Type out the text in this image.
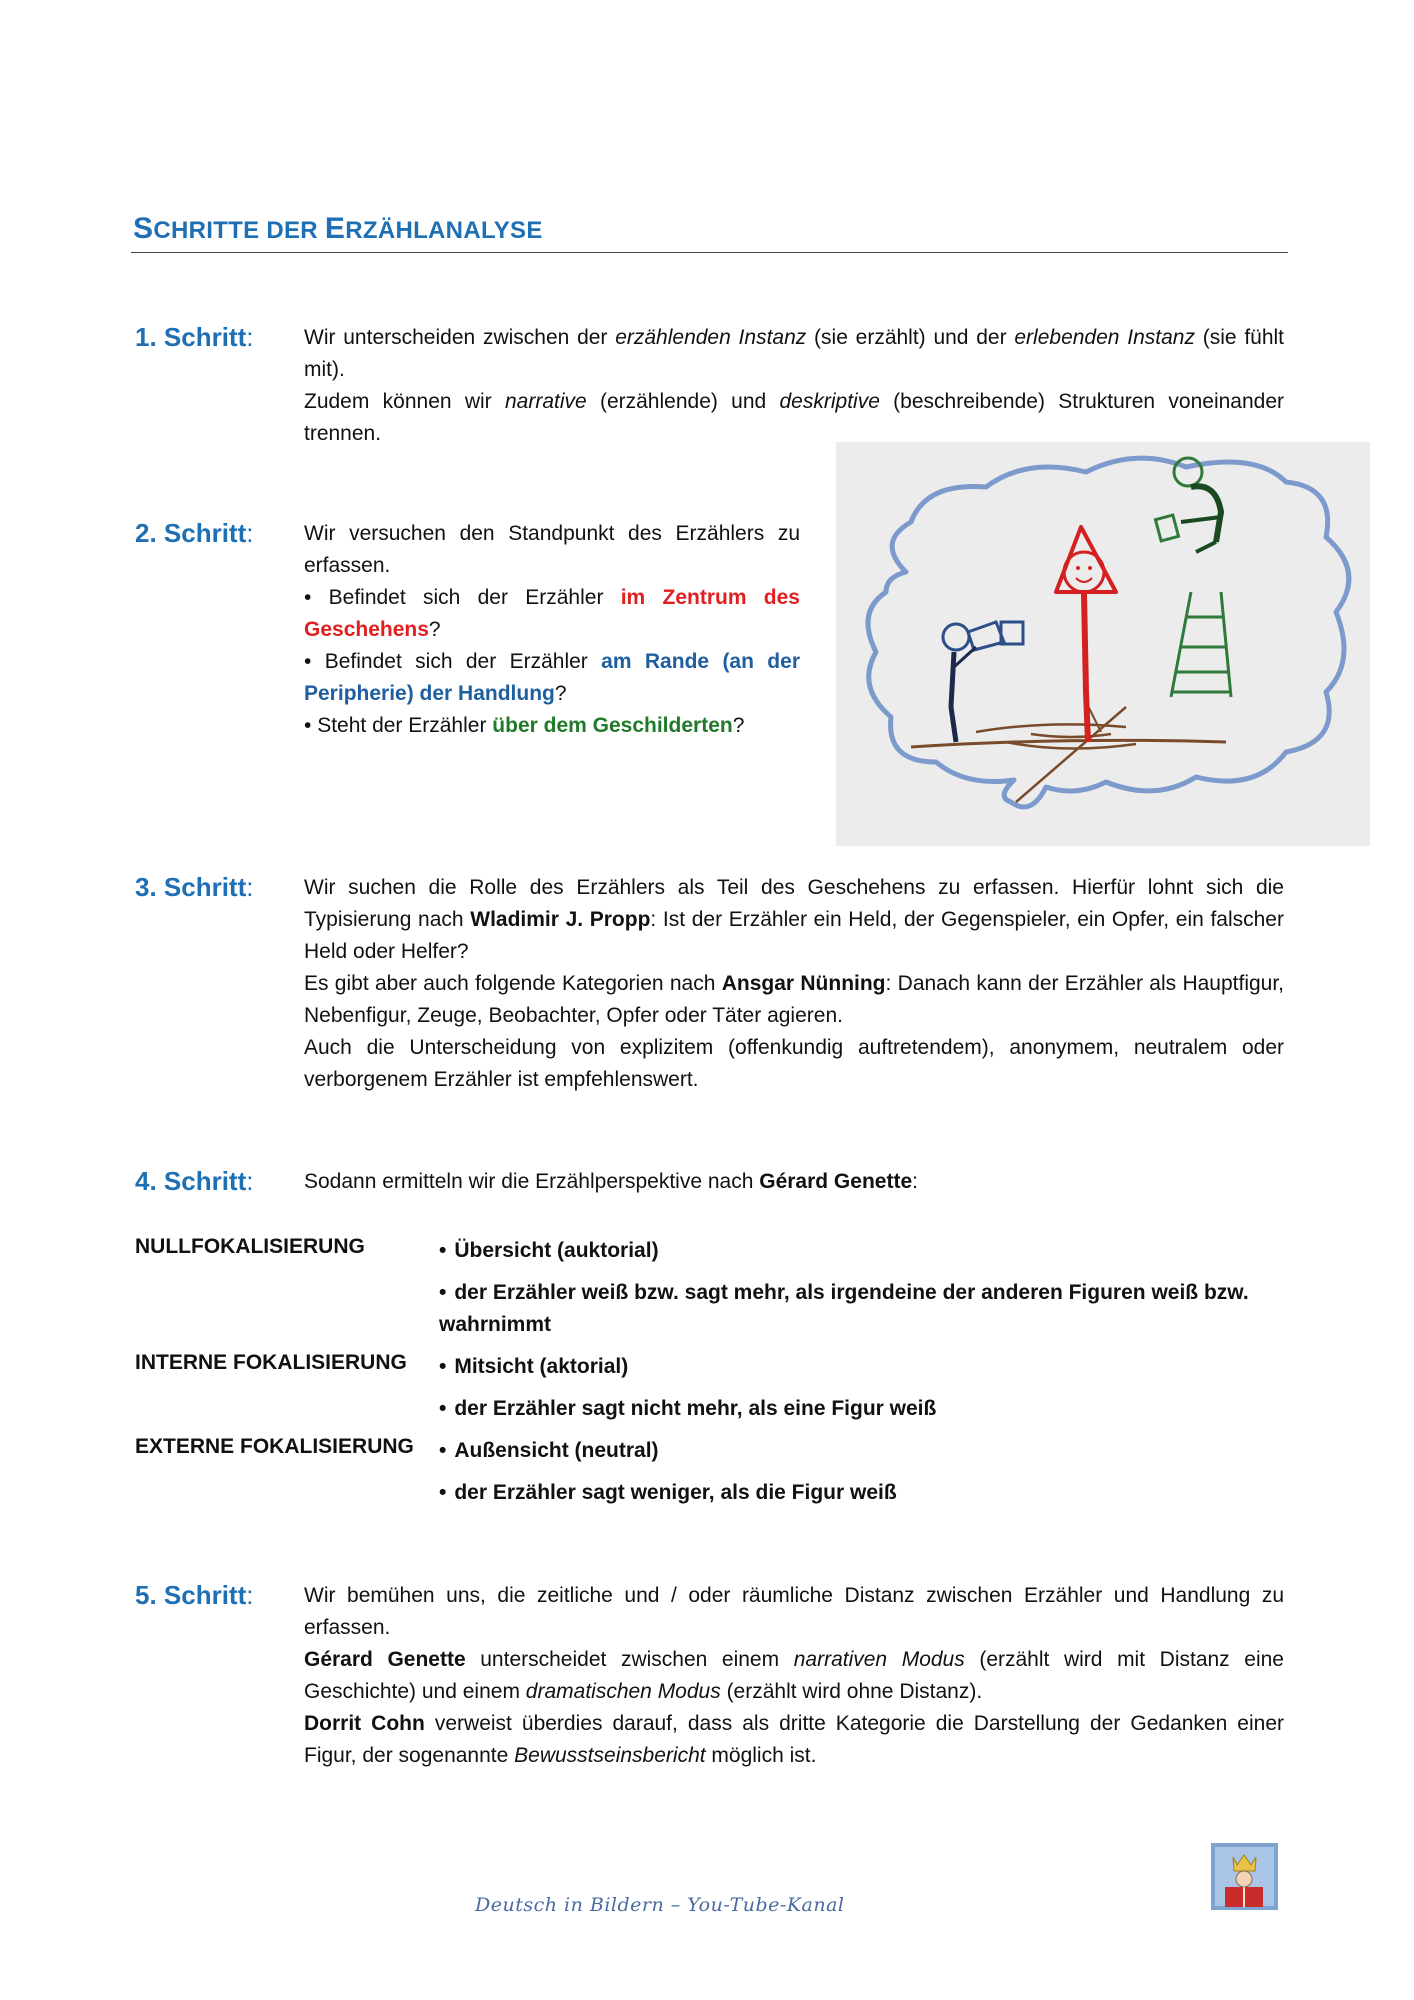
SCHRITTE DER ERZÄHLANALYSE
1. Schritt: Wir unterscheiden zwischen der erzählenden Instanz (sie erzählt) und der erlebenden Instanz (sie fühlt mit).

Zudem können wir narrative (erzählende) und deskriptive (beschreibende) Strukturen voneinander trennen.

2. Schritt: Wir versuchen den Standpunkt des Erzählers zu erfassen.

• Befindet sich der Erzähler im Zentrum des Geschehens?

• Befindet sich der Erzähler am Rande (an der Peripherie) der Handlung?

• Steht der Erzähler über dem Geschilderten?

3. Schritt: Wir suchen die Rolle des Erzählers als Teil des Geschehens zu erfassen. Hierfür lohnt sich die Typisierung nach Wladimir J. Propp: Ist der Erzähler ein Held, der Gegenspieler, ein Opfer, ein falscher Held oder Helfer?

Es gibt aber auch folgende Kategorien nach Ansgar Nünning: Danach kann der Erzähler als Hauptfigur, Nebenfigur, Zeuge, Beobachter, Opfer oder Täter agieren.

Auch die Unterscheidung von explizitem (offenkundig auftretendem), anonymem, neutralem oder verborgenem Erzähler ist empfehlenswert.

4. Schritt: Sodann ermitteln wir die Erzählperspektive nach Gérard Genette:

NULLFOKALISIERUNG	• Übersicht (auktorial)
• der Erzähler weiß bzw. sagt mehr, als irgendeine der anderen Figuren weiß bzw. wahrnimmt
INTERNE FOKALISIERUNG • Mitsicht (aktorial)
• der Erzähler sagt nicht mehr, als eine Figur weiß
EXTERNE FOKALISIERUNG • Außensicht (neutral)
• der Erzähler sagt weniger, als die Figur weiß
5. Schritt: Wir bemühen uns, die zeitliche und / oder räumliche Distanz zwischen Erzähler und Handlung zu erfassen.

Gérard Genette unterscheidet zwischen einem narrativen Modus (erzählt wird mit Distanz eine Geschichte) und einem dramatischen Modus (erzählt wird ohne Distanz).

Dorrit Cohn verweist überdies darauf, dass als dritte Kategorie die Darstellung der Gedanken einer Figur, der sogenannte Bewusstseinsbericht möglich ist.

Deutsch in Bildern – You-Tube-Kanal
